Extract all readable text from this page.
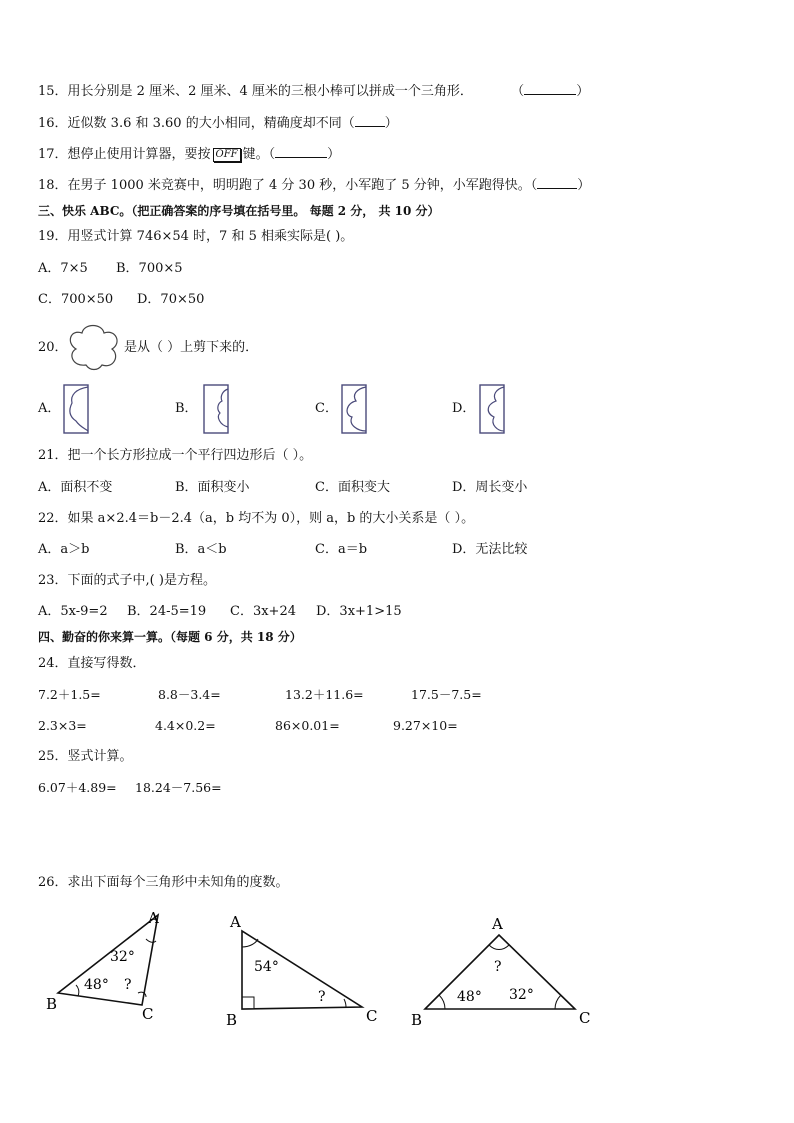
15．用长分别是 2 厘米、2 厘米、4 厘米的三根小棒可以拼成一个三角形．	（	）
16．近似数 3.6 和 3.60 的大小相同，精确度却不同（ ）
17．想停止使用计算器，要按 OFF 键。（	）
18．在男子 1000 米竞赛中，明明跑了 4 分 30 秒，小军跑了 5 分钟，小军跑得快。（	）
三、快乐 ABC。（把正确答案的序号填在括号里。 每题 2 分， 共 10 分）
19．用竖式计算 746×54 时，7 和 5 相乘实际是( )。
A．7×5 B．700×5
C．700×50 D．70×50
20．	是从（ ）上剪下来的．
A．	B．	C．	D．
21．把一个长方形拉成一个平行四边形后（ ）。
A．面积不变	B．面积变小	C．面积变大	D．周长变小
22．如果 a×2.4＝b－2.4（a，b 均不为 0），则 a，b 的大小关系是（ ）。
A．a＞b	B．a＜b	C．a＝b	D．无法比较
23．下面的式子中,( )是方程。
A．5x-9=2 B．24-5=19 C．3x+24 D．3x+1>15
四、勤奋的你来算一算。（每题 6 分，共 18 分）
24．直接写得数．
7.2＋1.5=	8.8－3.4=	13.2＋11.6=	17.5－7.5=
2.3×3=	4.4×0.2=	86×0.01=	9.27×10=
25．竖式计算。
6.07＋4.89= 18.24－7.56=
26．求出下面每个三角形中未知角的度数。
A
B
C
32°
48° ?
A
B	C
54°
?
A
B	C
48° 32°
?
